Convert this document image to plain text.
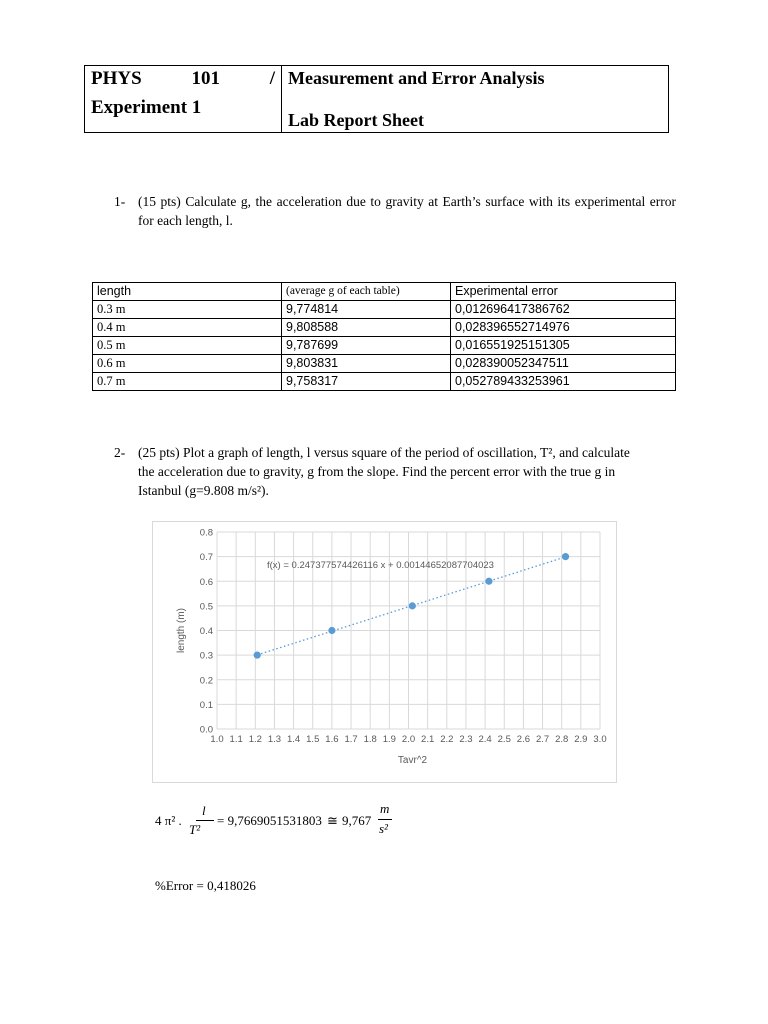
PHYS	101	/
Experiment 1

Measurement and Error Analysis
Lab Report Sheet
1- (15 pts) Calculate g, the acceleration due to gravity at Earth’s surface with its experimental error for each length, l.
length	(average g of each table)	Experimental error
0.3 m	9,774814	0,012696417386762
0.4 m	9,808588	0,028396552714976
0.5 m	9,787699	0,016551925151305
0.6 m	9,803831	0,028390052347511
0.7 m	9,758317	0,052789433253961
2- (25 pts) Plot a graph of length, l versus square of the period of oscillation, T², and calculate
the acceleration due to gravity, g from the slope. Find the percent error with the true g in
Istanbul (g=9.808 m/s²).
0.0
0.1
0.2
0.3
0.4
0.5
0.6
0.7
0.8
1.0 1.1 1.2 1.3 1.4 1.5 1.6 1.7 1.8 1.9 2.0 2.1 2.2 2.3 2.4 2.5 2.6 2.7 2.8 2.9 3.0
f(x) = 0.247377574426116 x + 0.00144652087704023
Tavr^2
length (m)
4 π² .
l
T²
= 9,7669051531803 ≅ 9,767
m
s²
%Error = 0,418026
